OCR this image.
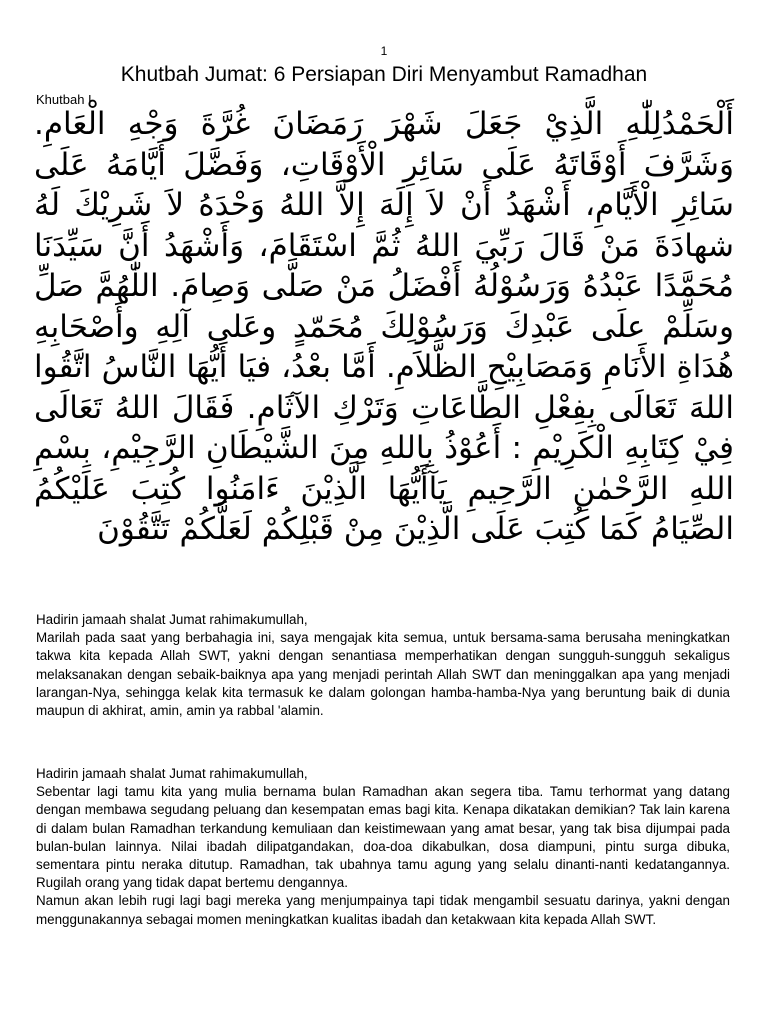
1
Khutbah Jumat: 6 Persiapan Diri Menyambut Ramadhan
Khutbah I

أَلْحَمْدُلِلّٰهِ الَّذِيْ جَعَلَ شَهْرَ رَمَضَانَ غُرَّةَ وَجْهِ الْعَامِ. وَشَرَّفَ أَوْقَاتَهُ عَلَى سَائِرِ الْأَوْقَاتِ، وَفَضَّلَ أَيَّامَهُ عَلَى سَائِرِ الْأَيَّامِ، أَشْهَدُ أَنْ لاَ إِلَهَ إِلاَّ اللهُ وَحْدَهُ لاَ شَرِيْكَ لَهُ شهادَةَ مَنْ قَالَ رَبِّيَ اللهُ ثُمَّ اسْتَقَامَ، وَأَشْهَدُ أَنَّ سَيِّدَنَا مُحَمَّدًا عَبْدُهُ وَرَسُوْلُهُ أَفْضَلُ مَنْ صَلَّى وَصِامَ. اللّٰهُمَّ صَلِّ وسَلِّمْ علَى عَبْدِكَ وَرَسُوْلِكَ مُحَمّدٍ وعَلى آلِهِ وأَصْحَابِهِ هُدَاةِ الأَنَامِ وَمَصَابِيْحِ الظَّلاَمِ. أَمَّا بعْدُ، فيَا أَيُّهَا النَّاسُ اتَّقُوا اللهَ تَعَالَى بِفِعْلِ الطَّاعَاتِ وَتَرْكِ الآثَامِ. فَقَالَ اللهُ تَعَالَى فِيْ كِتَابِهِ الْكَرِيْمِ : أَعُوْذُ بِاللهِ مِنَ الشَّيْطَانِ الرَّجِيْمِ، بِسْمِ اللهِ الرَّحْمٰنِ الرَّحِيمِ يَآأَيُّهَا الَّذِيْنَ ءَامَنُوا كُتِبَ عَلَيْكُمُ الصِّيَامُ كَمَا كُتِبَ عَلَى الَّذِيْنَ مِنْ قَبْلِكُمْ لَعَلَّكُمْ تَتَّقُوْنَ

Hadirin jamaah shalat Jumat rahimakumullah,

Marilah pada saat yang berbahagia ini, saya mengajak kita semua, untuk bersama-sama berusaha meningkatkan takwa kita kepada Allah SWT, yakni dengan senantiasa memperhatikan dengan sungguh-sungguh sekaligus melaksanakan dengan sebaik-baiknya apa yang menjadi perintah Allah SWT dan meninggalkan apa yang menjadi larangan-Nya, sehingga kelak kita termasuk ke dalam golongan hamba-hamba-Nya yang beruntung baik di dunia maupun di akhirat, amin, amin ya rabbal 'alamin.

Hadirin jamaah shalat Jumat rahimakumullah,

Sebentar lagi tamu kita yang mulia bernama bulan Ramadhan akan segera tiba. Tamu terhormat yang datang dengan membawa segudang peluang dan kesempatan emas bagi kita. Kenapa dikatakan demikian? Tak lain karena di dalam bulan Ramadhan terkandung kemuliaan dan keistimewaan yang amat besar, yang tak bisa dijumpai pada bulan-bulan lainnya. Nilai ibadah dilipatgandakan, doa-doa dikabulkan, dosa diampuni, pintu surga dibuka, sementara pintu neraka ditutup. Ramadhan, tak ubahnya tamu agung yang selalu dinanti-nanti kedatangannya. Rugilah orang yang tidak dapat bertemu dengannya.

Namun akan lebih rugi lagi bagi mereka yang menjumpainya tapi tidak mengambil sesuatu darinya, yakni dengan menggunakannya sebagai momen meningkatkan kualitas ibadah dan ketakwaan kita kepada Allah SWT.
